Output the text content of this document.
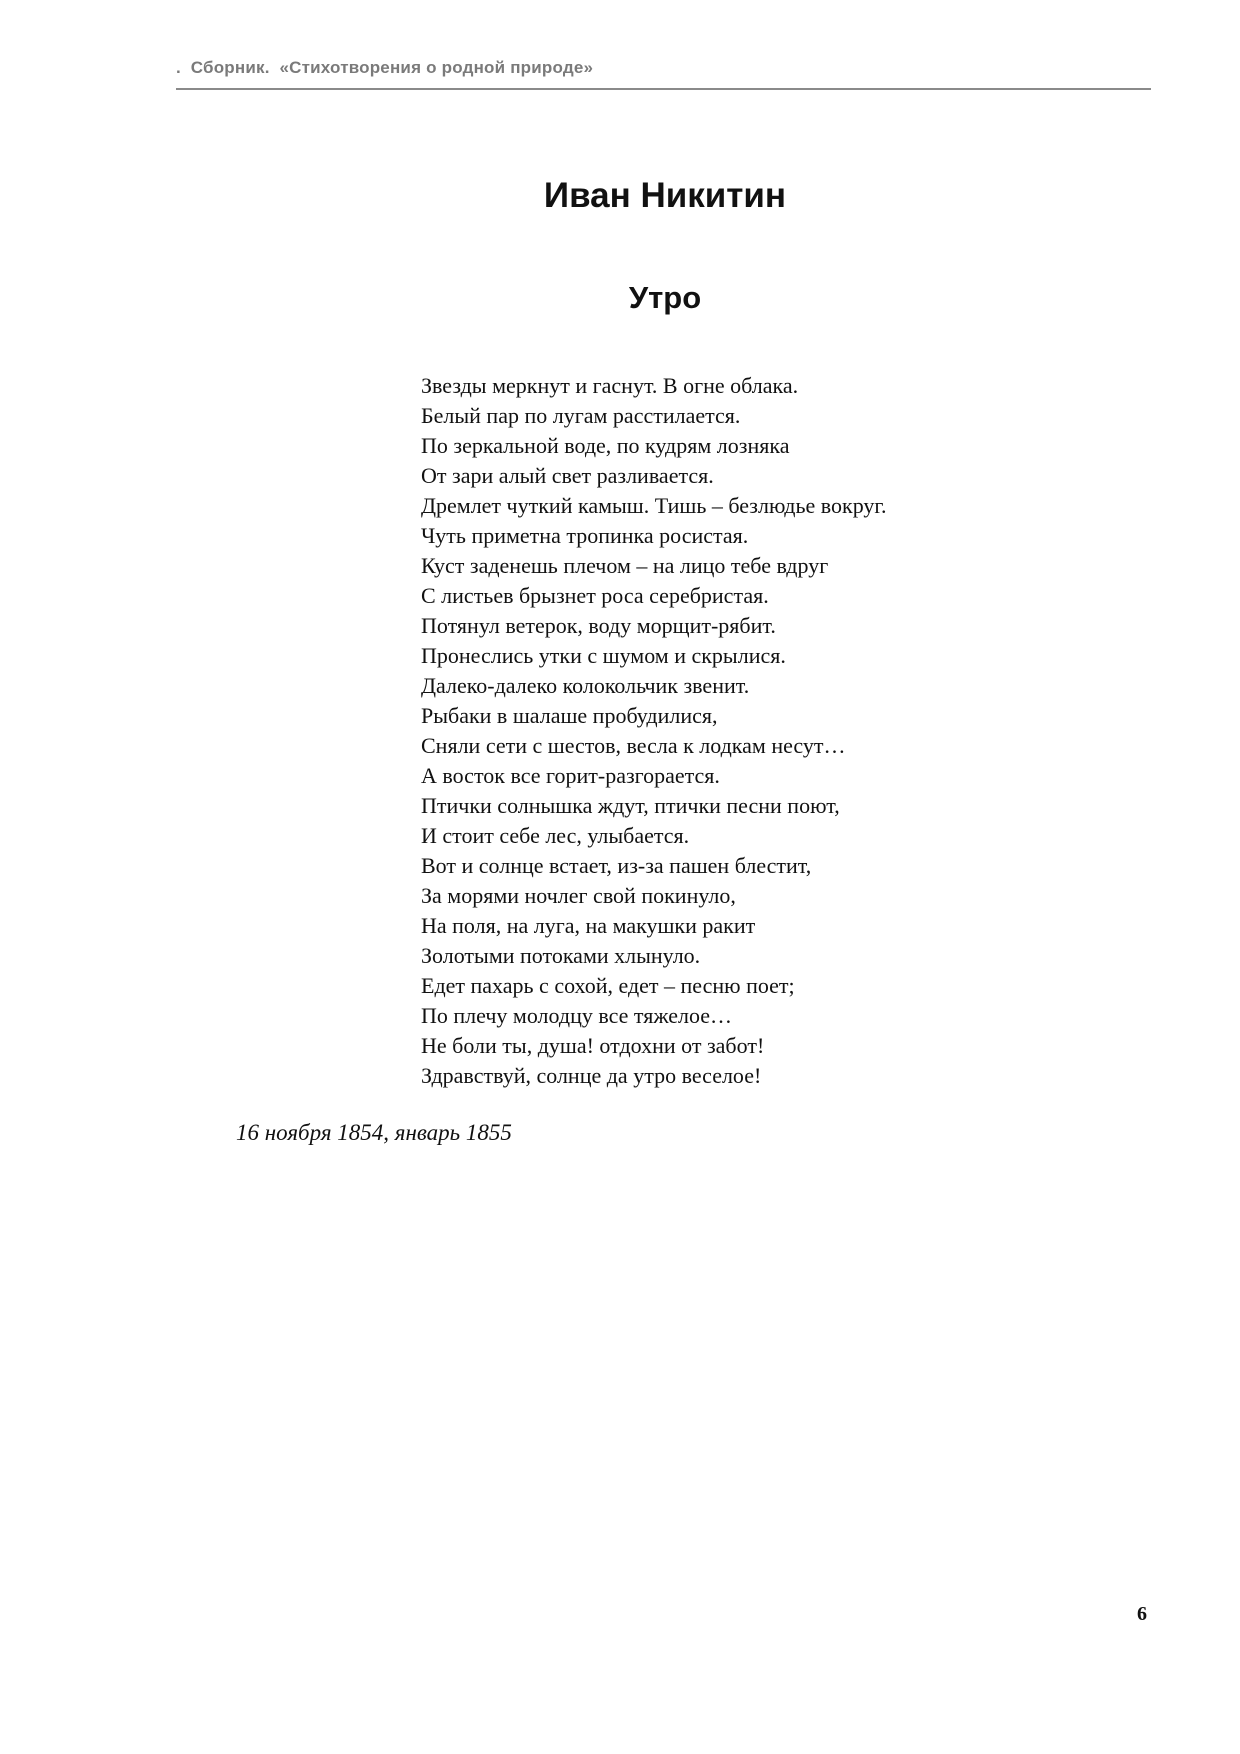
.  Сборник.  «Стихотворения о родной природе»
Иван Никитин
Утро
Звезды меркнут и гаснут. В огне облака.
Белый пар по лугам расстилается.
По зеркальной воде, по кудрям лозняка
От зари алый свет разливается.
Дремлет чуткий камыш. Тишь – безлюдье вокруг.
Чуть приметна тропинка росистая.
Куст заденешь плечом – на лицо тебе вдруг
С листьев брызнет роса серебристая.
Потянул ветерок, воду морщит-рябит.
Пронеслись утки с шумом и скрылися.
Далеко-далеко колокольчик звенит.
Рыбаки в шалаше пробудилися,
Сняли сети с шестов, весла к лодкам несут…
А восток все горит-разгорается.
Птички солнышка ждут, птички песни поют,
И стоит себе лес, улыбается.
Вот и солнце встает, из-за пашен блестит,
За морями ночлег свой покинуло,
На поля, на луга, на макушки ракит
Золотыми потоками хлынуло.
Едет пахарь с сохой, едет – песню поет;
По плечу молодцу все тяжелое…
Не боли ты, душа! отдохни от забот!
Здравствуй, солнце да утро веселое!

16 ноября 1854, январь 1855

6
